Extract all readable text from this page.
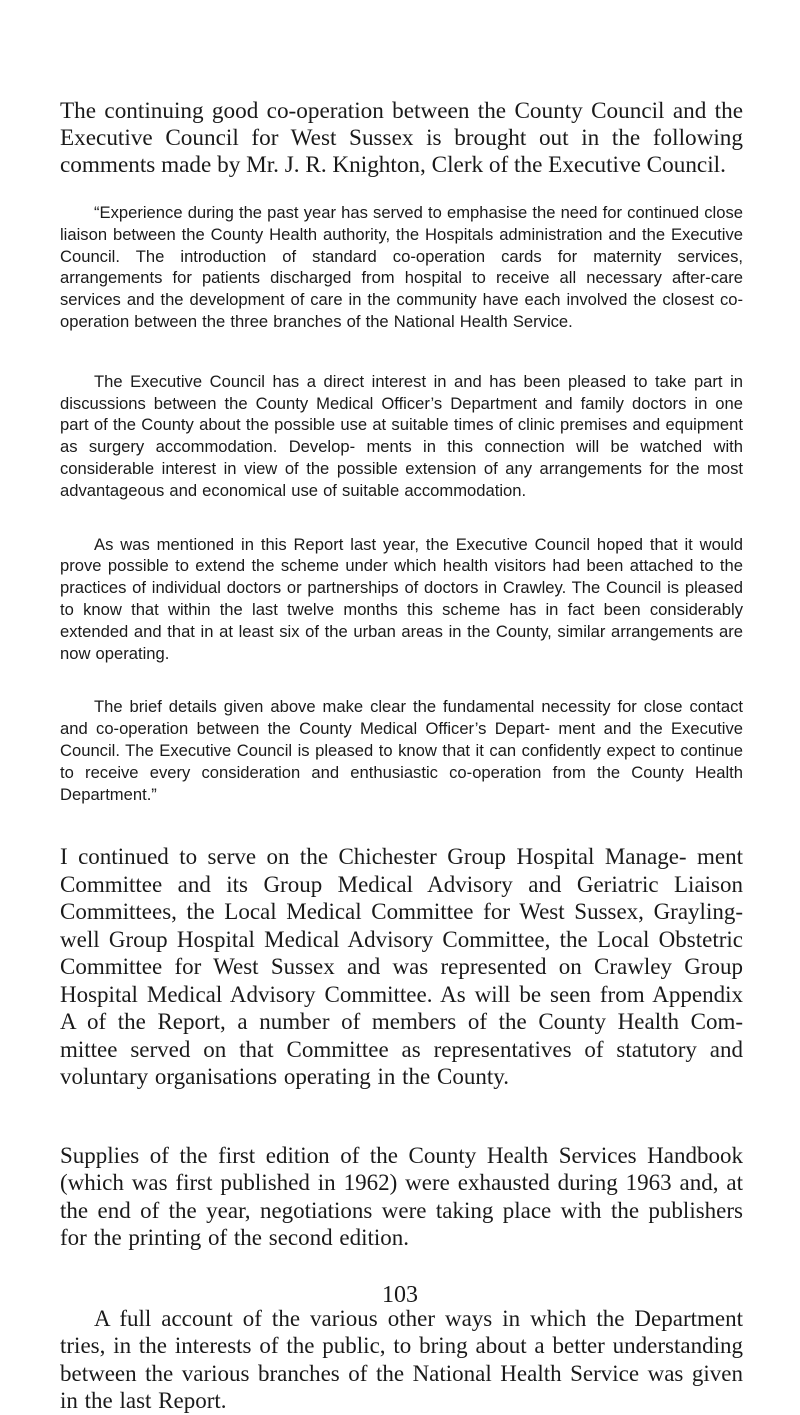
The continuing good co-operation between the County Council and the Executive Council for West Sussex is brought out in the following comments made by Mr. J. R. Knighton, Clerk of the Executive Council.

“Experience during the past year has served to emphasise the need for continued close liaison between the County Health authority, the Hospitals administration and the Executive Council. The introduction of standard co-operation cards for maternity services, arrangements for patients discharged from hospital to receive all necessary after-care services and the development of care in the community have each involved the closest co-operation between the three branches of the National Health Service.

The Executive Council has a direct interest in and has been pleased to take part in discussions between the County Medical Officer’s Department and family doctors in one part of the County about the possible use at suitable times of clinic premises and equipment as surgery accommodation. Develop- ments in this connection will be watched with considerable interest in view of the possible extension of any arrangements for the most advantageous and economical use of suitable accommodation.

As was mentioned in this Report last year, the Executive Council hoped that it would prove possible to extend the scheme under which health visitors had been attached to the practices of individual doctors or partnerships of doctors in Crawley. The Council is pleased to know that within the last twelve months this scheme has in fact been considerably extended and that in at least six of the urban areas in the County, similar arrangements are now operating.

The brief details given above make clear the fundamental necessity for close contact and co-operation between the County Medical Officer’s Depart- ment and the Executive Council. The Executive Council is pleased to know that it can confidently expect to continue to receive every consideration and enthusiastic co-operation from the County Health Department.”

I continued to serve on the Chichester Group Hospital Manage- ment Committee and its Group Medical Advisory and Geriatric Liaison Committees, the Local Medical Committee for West Sussex, Grayling- well Group Hospital Medical Advisory Committee, the Local Obstetric Committee for West Sussex and was represented on Crawley Group Hospital Medical Advisory Committee. As will be seen from Appendix A of the Report, a number of members of the County Health Com- mittee served on that Committee as representatives of statutory and voluntary organisations operating in the County.

Supplies of the first edition of the County Health Services Handbook (which was first published in 1962) were exhausted during 1963 and, at the end of the year, negotiations were taking place with the publishers for the printing of the second edition.

A full account of the various other ways in which the Department tries, in the interests of the public, to bring about a better understanding between the various branches of the National Health Service was given in the last Report.

103
